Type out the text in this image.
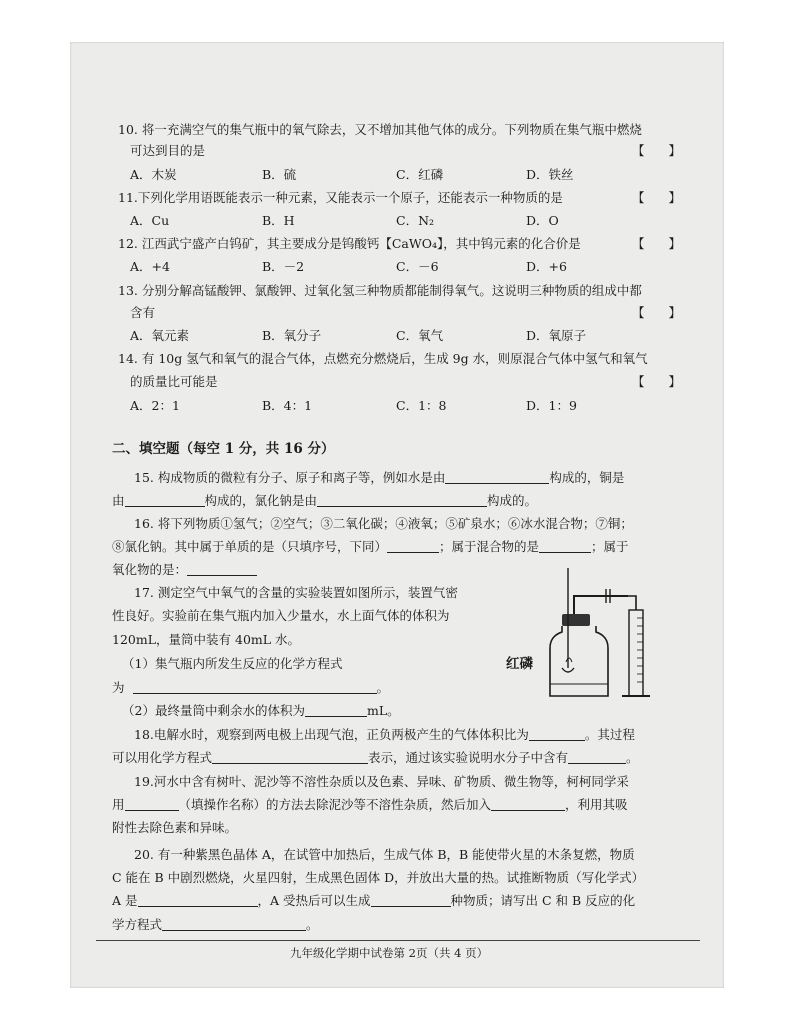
10. 将一充满空气的集气瓶中的氧气除去，又不增加其他气体的成分。下列物质在集气瓶中燃烧
可达到目的是	【 】
A．木炭	B．硫	C．红磷	D．铁丝
11.下列化学用语既能表示一种元素，又能表示一个原子，还能表示一种物质的是	【 】
A．Cu	B．H	C．N₂	D．O
12. 江西武宁盛产白钨矿，其主要成分是钨酸钙【CaWO₄】，其中钨元素的化合价是	【 】
A．+4	B．－2	C．－6	D．+6
13. 分别分解高锰酸钾、氯酸钾、过氧化氢三种物质都能制得氧气。这说明三种物质的组成中都
含有	【 】
A．氧元素	B．氧分子	C．氧气	D．氧原子
14. 有 10g 氢气和氧气的混合气体，点燃充分燃烧后，生成 9g 水，则原混合气体中氢气和氧气
的质量比可能是	【 】
A．2：1	B．4：1	C．1：8	D．1：9
二、填空题（每空 1 分，共 16 分）
15. 构成物质的微粒有分子、原子和离子等，例如水是由	构成的，铜是
由	构成的，氯化钠是由	构成的。
16. 将下列物质①氢气；②空气；③二氧化碳；④液氧；⑤矿泉水；⑥冰水混合物；⑦铜；
⑧氯化钠。其中属于单质的是（只填序号，下同）	；属于混合物的是	；属于
氧化物的是：
17. 测定空气中氧气的含量的实验装置如图所示，装置气密
性良好。实验前在集气瓶内加入少量水，水上面气体的体积为
120mL，量筒中装有 40mL 水。
（1）集气瓶内所发生反应的化学方程式
为	。
（2）最终量筒中剩余水的体积为	mL。
红磷
18.电解水时，观察到两电极上出现气泡，正负两极产生的气体体积比为	。其过程
可以用化学方程式	表示，通过该实验说明水分子中含有	。
19.河水中含有树叶、泥沙等不溶性杂质以及色素、异味、矿物质、微生物等，柯柯同学采
用	（填操作名称）的方法去除泥沙等不溶性杂质，然后加入	，利用其吸
附性去除色素和异味。
20. 有一种紫黑色晶体 A，在试管中加热后，生成气体 B，B 能使带火星的木条复燃，物质
C 能在 B 中剧烈燃烧，火星四射，生成黑色固体 D，并放出大量的热。试推断物质（写化学式）
A 是	，A 受热后可以生成	种物质；请写出 C 和 B 反应的化
学方程式	。
九年级化学期中试卷第 2页（共 4 页）
